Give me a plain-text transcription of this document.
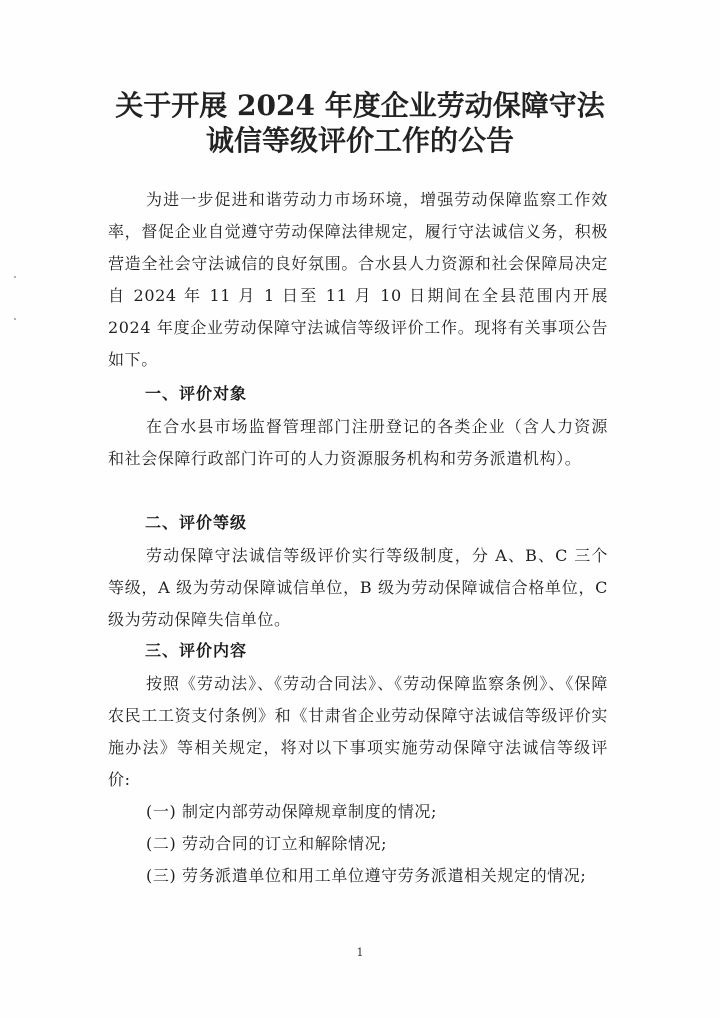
关于开展 2024 年度企业劳动保障守法
诚信等级评价工作的公告
为进一步促进和谐劳动力市场环境，增强劳动保障监察工作效率，督促企业自觉遵守劳动保障法律规定，履行守法诚信义务，积极营造全社会守法诚信的良好氛围。合水县人力资源和社会保障局决定自 2024 年 11 月 1 日至 11 月 10 日期间在全县范围内开展 2024 年度企业劳动保障守法诚信等级评价工作。现将有关事项公告如下。
一、评价对象
在合水县市场监督管理部门注册登记的各类企业（含人力资源和社会保障行政部门许可的人力资源服务机构和劳务派遣机构）。
二、评价等级
劳动保障守法诚信等级评价实行等级制度，分 A、B、C 三个等级，A 级为劳动保障诚信单位，B 级为劳动保障诚信合格单位，C 级为劳动保障失信单位。
三、评价内容
按照《劳动法》、《劳动合同法》、《劳动保障监察条例》、《保障农民工工资支付条例》和《甘肃省企业劳动保障守法诚信等级评价实施办法》等相关规定，将对以下事项实施劳动保障守法诚信等级评价:
(一) 制定内部劳动保障规章制度的情况;
(二) 劳动合同的订立和解除情况;
(三) 劳务派遣单位和用工单位遵守劳务派遣相关规定的情况;
1
